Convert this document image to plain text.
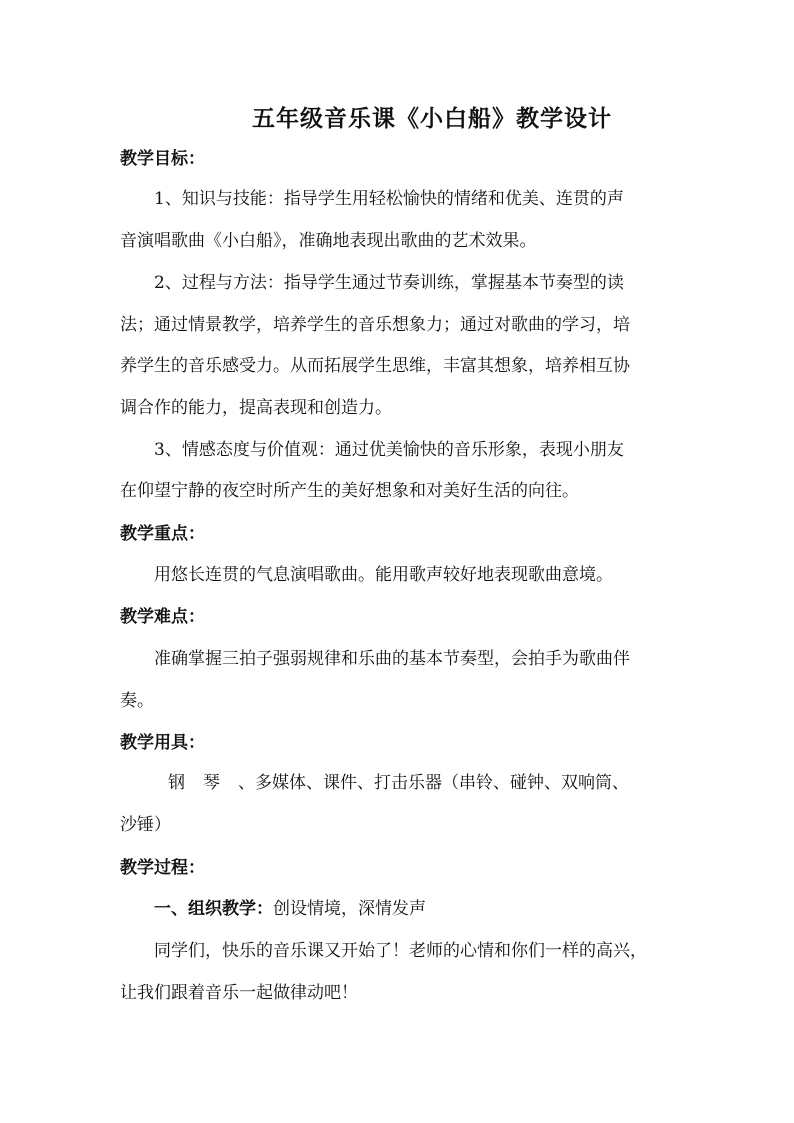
五年级音乐课《小白船》教学设计
教学目标：
1、知识与技能：指导学生用轻松愉快的情绪和优美、连贯的声
音演唱歌曲《小白船》，准确地表现出歌曲的艺术效果。
2、过程与方法：指导学生通过节奏训练，掌握基本节奏型的读
法；通过情景教学，培养学生的音乐想象力；通过对歌曲的学习，培
养学生的音乐感受力。从而拓展学生思维，丰富其想象，培养相互协
调合作的能力，提高表现和创造力。
3、情感态度与价值观：通过优美愉快的音乐形象，表现小朋友
在仰望宁静的夜空时所产生的美好想象和对美好生活的向往。
教学重点：
用悠长连贯的气息演唱歌曲。能用歌声较好地表现歌曲意境。
教学难点：
准确掌握三拍子强弱规律和乐曲的基本节奏型，会拍手为歌曲伴
奏。
教学用具：
钢 琴 、多媒体、课件、打击乐器（串铃、碰钟、双响筒、
沙锤）
教学过程：
一、组织教学：创设情境，深情发声
同学们，快乐的音乐课又开始了！老师的心情和你们一样的高兴，
让我们跟着音乐一起做律动吧！
